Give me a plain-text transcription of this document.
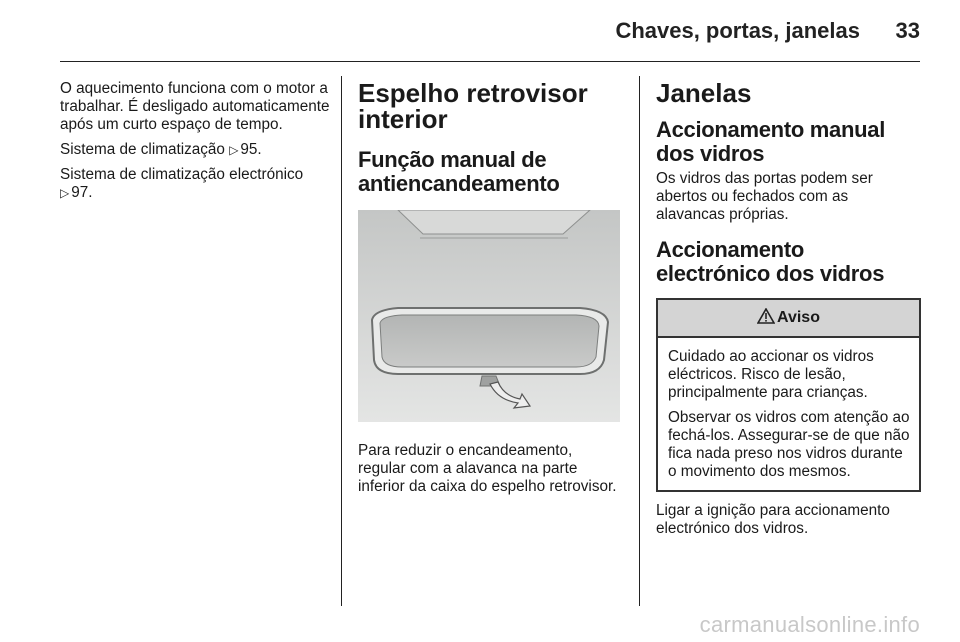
Chaves, portas, janelas	33

O aquecimento funciona com o motor a trabalhar. É desligado automaticamente após um curto espaço de tempo.

Sistema de climatização ▷ 95.

Sistema de climatização electrónico
▷ 97.

Espelho retrovisor interior
Função manual de antiencandeamento

Para reduzir o encandeamento, regular com a alavanca na parte inferior da caixa do espelho retrovisor.

Janelas
Accionamento manual dos vidros

Os vidros das portas podem ser abertos ou fechados com as alavancas próprias.

Accionamento electrónico dos vidros
Aviso

Cuidado ao accionar os vidros eléctricos. Risco de lesão, principalmente para crianças.

Observar os vidros com atenção ao fechá-los. Assegurar-se de que não fica nada preso nos vidros durante o movimento dos mesmos.

Ligar a ignição para accionamento electrónico dos vidros.

carmanualsonline.info
